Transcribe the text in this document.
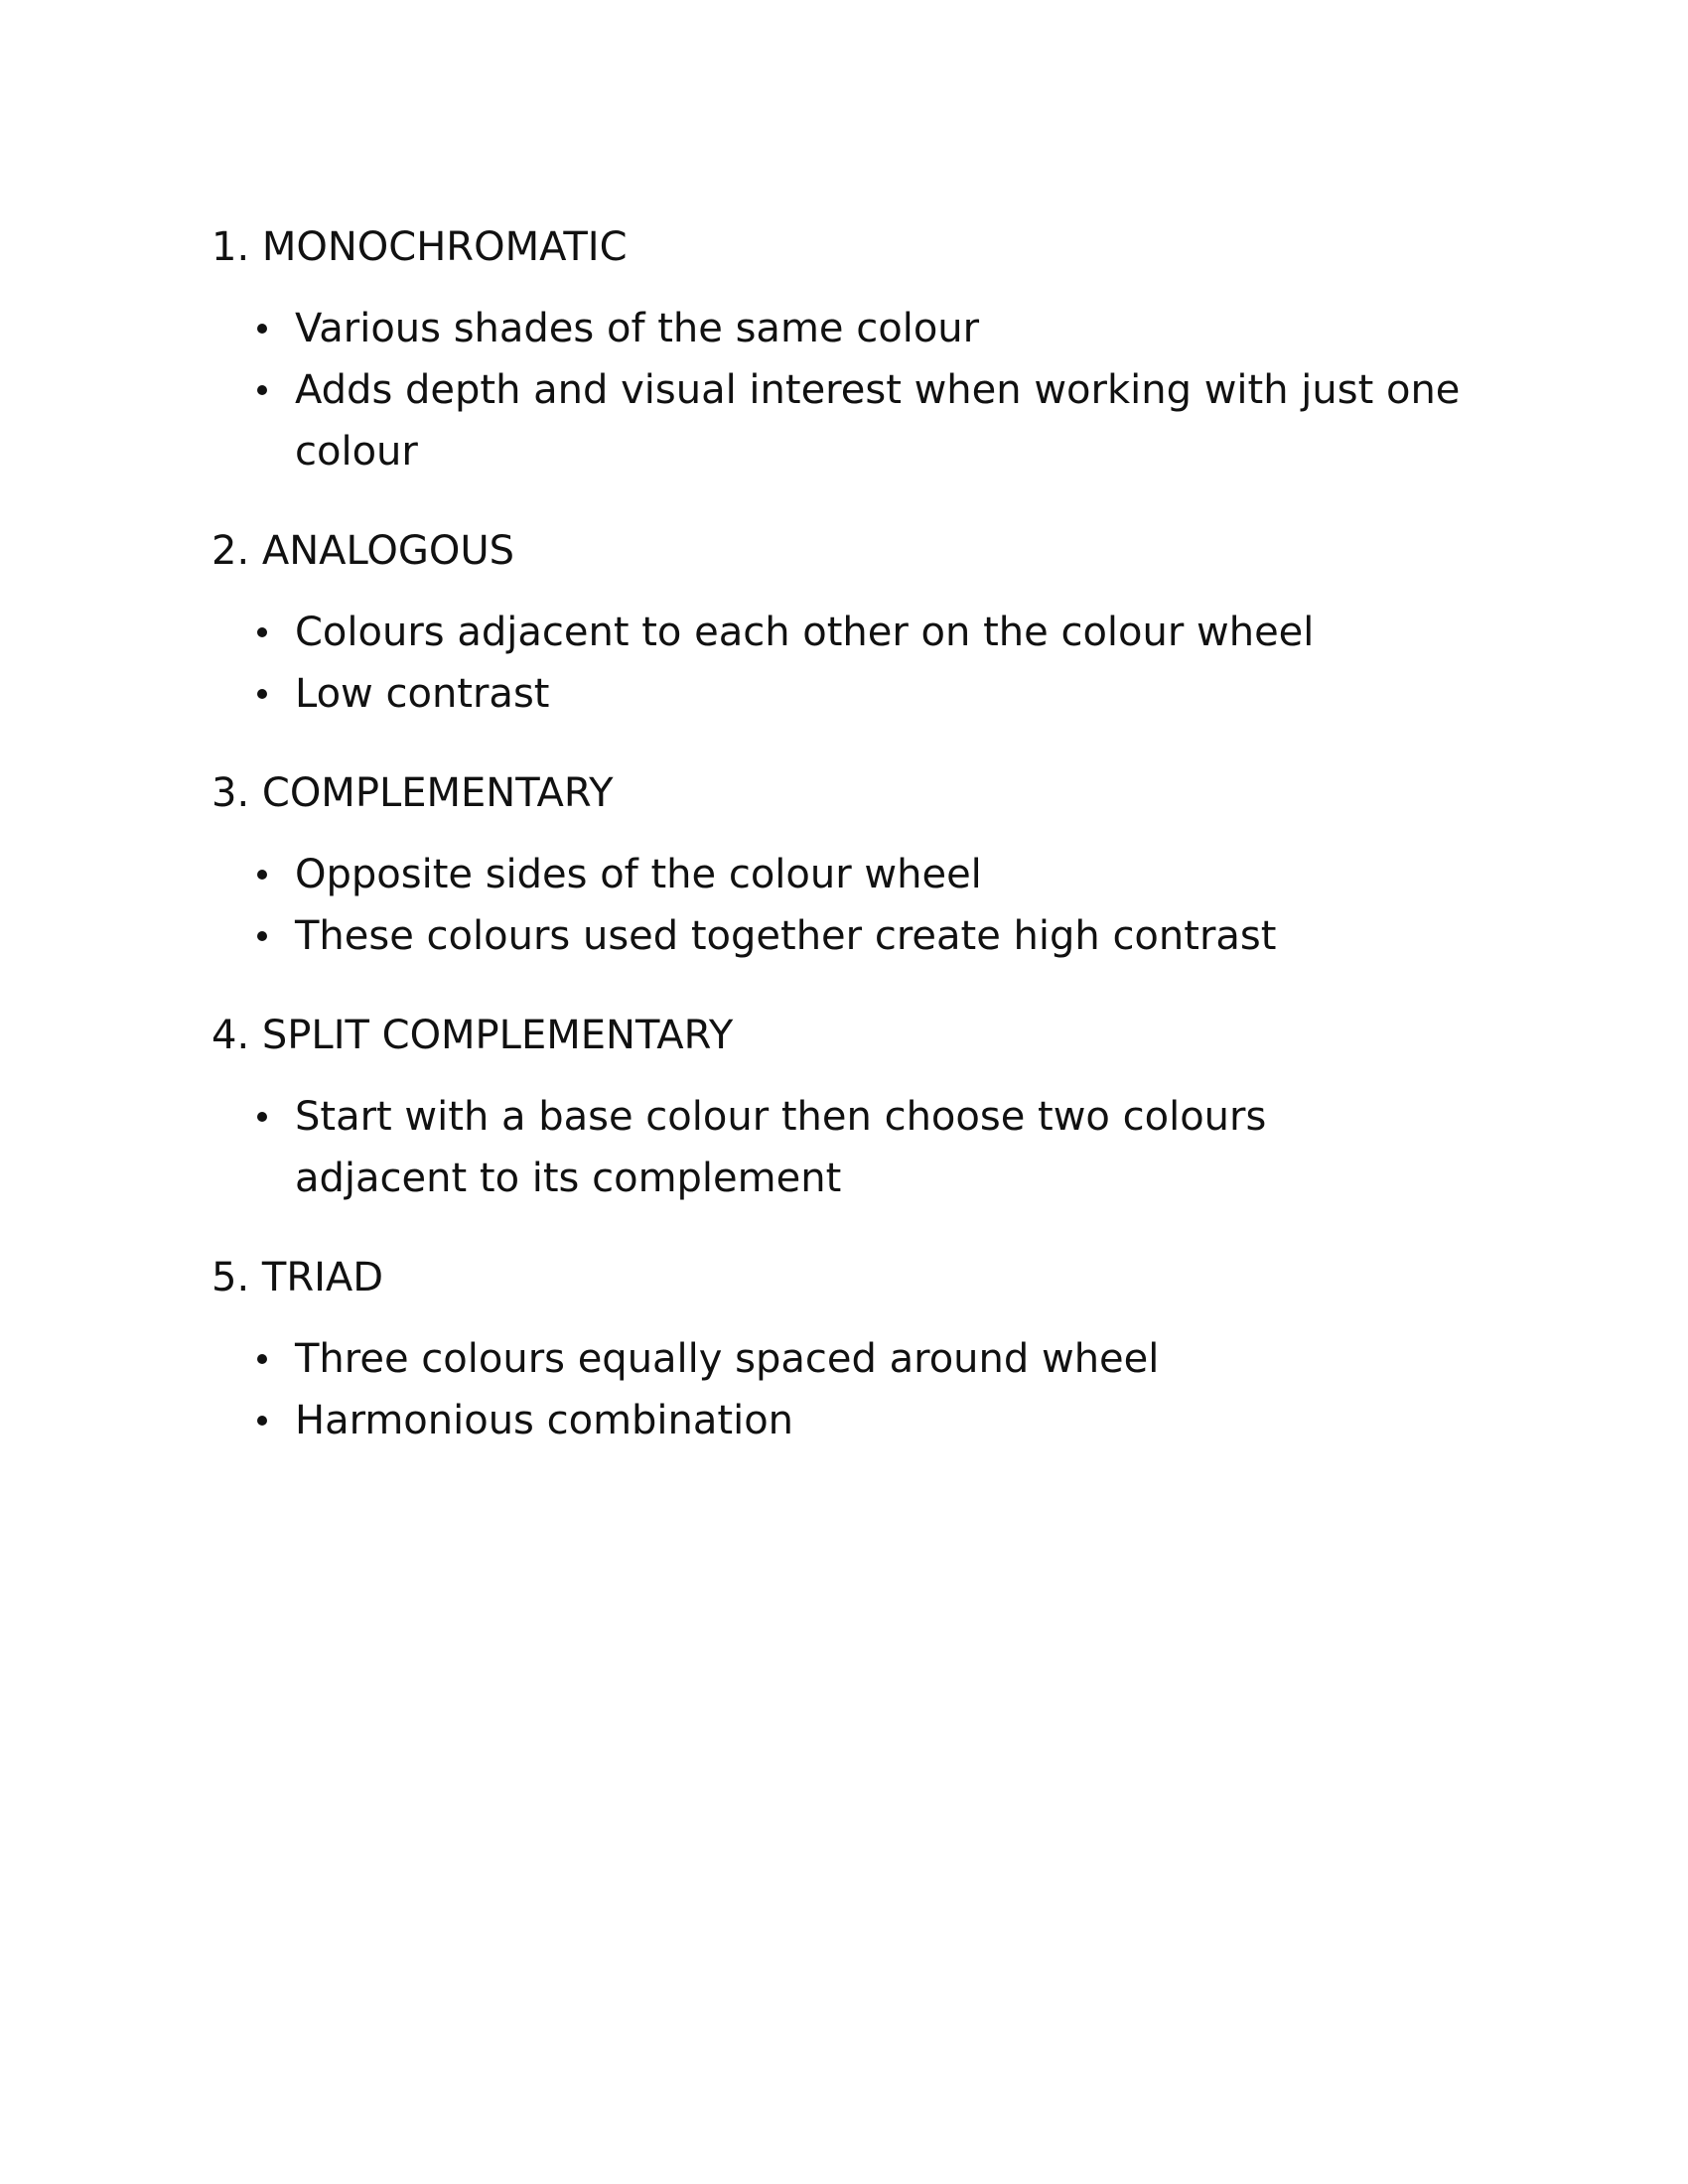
1. MONOCHROMATIC
Various shades of the same colour
Adds depth and visual interest when working with just one colour
2. ANALOGOUS
Colours adjacent to each other on the colour wheel
Low contrast
3. COMPLEMENTARY
Opposite sides of the colour wheel
These colours used together create high contrast
4. SPLIT COMPLEMENTARY
Start with a base colour then choose two colours adjacent to its complement
5. TRIAD
Three colours equally spaced around wheel
Harmonious combination
